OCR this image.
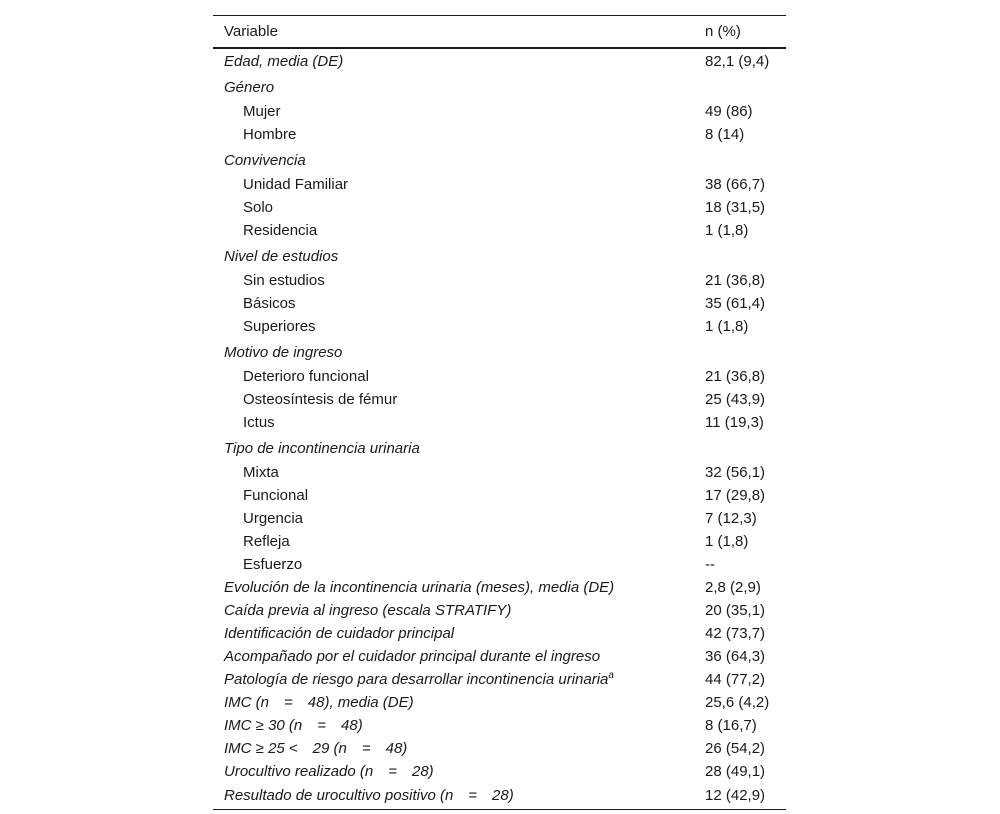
Variable	n (%)
Edad, media (DE)	82,1 (9,4)
Género	
Mujer	49 (86)
Hombre	8 (14)
Convivencia	
Unidad Familiar	38 (66,7)
Solo	18 (31,5)
Residencia	1 (1,8)
Nivel de estudios	
Sin estudios	21 (36,8)
Básicos	35 (61,4)
Superiores	1 (1,8)
Motivo de ingreso	
Deterioro funcional	21 (36,8)
Osteosíntesis de fémur	25 (43,9)
Ictus	11 (19,3)
Tipo de incontinencia urinaria	
Mixta	32 (56,1)
Funcional	17 (29,8)
Urgencia	7 (12,3)
Refleja	1 (1,8)
Esfuerzo	--
Evolución de la incontinencia urinaria (meses), media (DE)	2,8 (2,9)
Caída previa al ingreso (escala STRATIFY)	20 (35,1)
Identificación de cuidador principal	42 (73,7)
Acompañado por el cuidador principal durante el ingreso	36 (64,3)
Patología de riesgo para desarrollar incontinencia urinaria$^a$	44 (77,2)
IMC (n = 48), media (DE)	25,6 (4,2)
IMC ≥ 30 (n = 48)	8 (16,7)
IMC ≥ 25 < 29 (n = 48)	26 (54,2)
Urocultivo realizado (n = 28)	28 (49,1)
Resultado de urocultivo positivo (n = 28)	12 (42,9)
